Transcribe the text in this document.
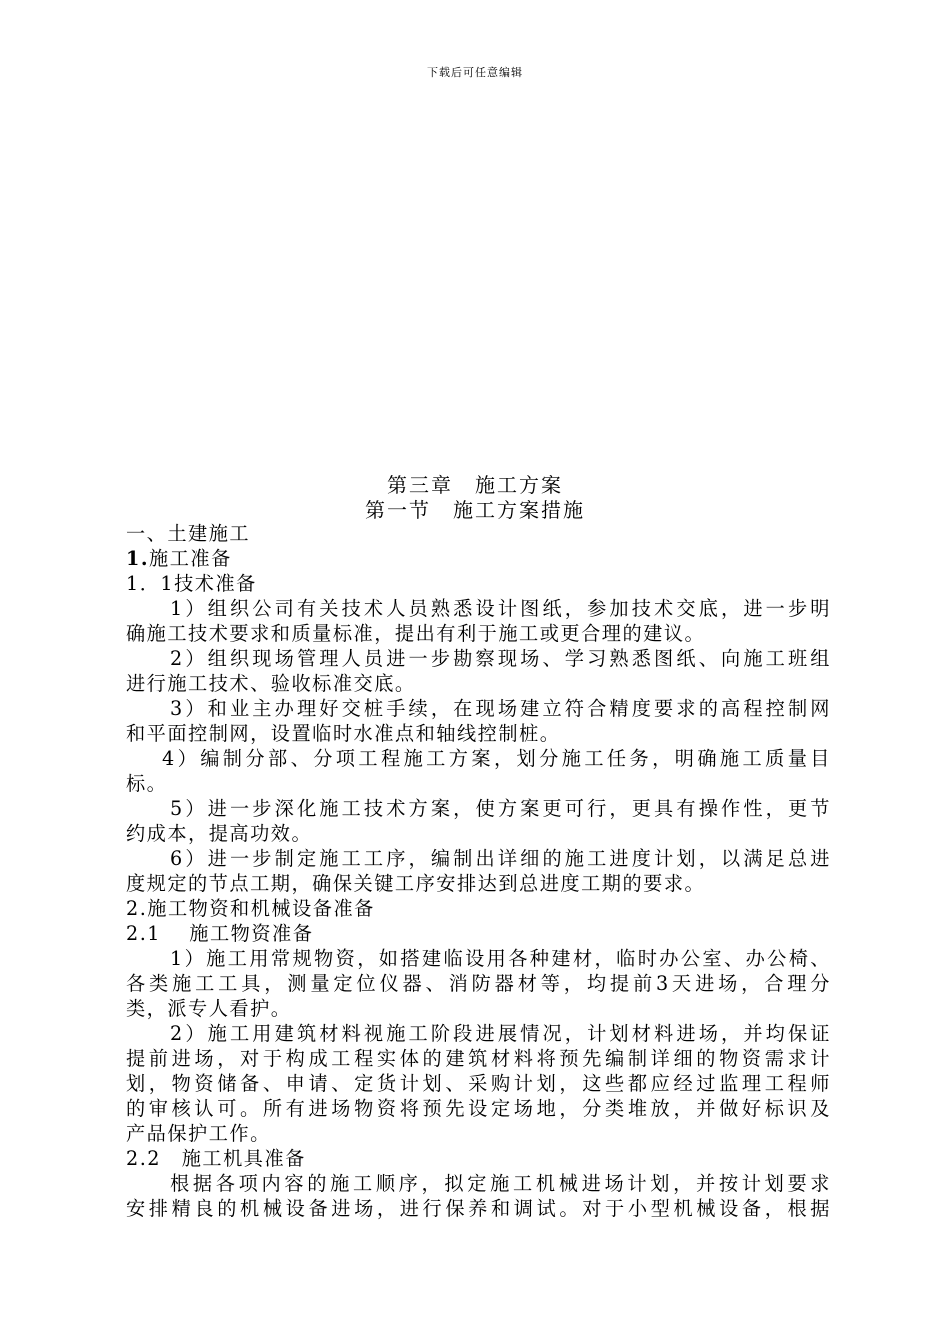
下载后可任意编辑
第三章　施工方案
第一节　施工方案措施
一、土建施工
1.施工准备
1．1技术准备
1）组织公司有关技术人员熟悉设计图纸，参加技术交底，进一步明
确施工技术要求和质量标准，提出有利于施工或更合理的建议。
2）组织现场管理人员进一步勘察现场、学习熟悉图纸、向施工班组
进行施工技术、验收标准交底。
3）和业主办理好交桩手续，在现场建立符合精度要求的高程控制网
和平面控制网，设置临时水准点和轴线控制桩。
4）编制分部、分项工程施工方案，划分施工任务，明确施工质量目
标。
5）进一步深化施工技术方案，使方案更可行，更具有操作性，更节
约成本，提高功效。
6）进一步制定施工工序，编制出详细的施工进度计划，以满足总进
度规定的节点工期，确保关键工序安排达到总进度工期的要求。
2.施工物资和机械设备准备
2.1　 施工物资准备
1）施工用常规物资，如搭建临设用各种建材，临时办公室、办公椅、
各类施工工具，测量定位仪器、消防器材等，均提前3天进场，合理分
类，派专人看护。
2）施工用建筑材料视施工阶段进展情况，计划材料进场，并均保证
提前进场，对于构成工程实体的建筑材料将预先编制详细的物资需求计
划，物资储备、申请、定货计划、采购计划，这些都应经过监理工程师
的审核认可。所有进场物资将预先设定场地，分类堆放，并做好标识及
产品保护工作。
2.2　施工机具准备
根据各项内容的施工顺序，拟定施工机械进场计划，并按计划要求
安排精良的机械设备进场，进行保养和调试。对于小型机械设备，根据
